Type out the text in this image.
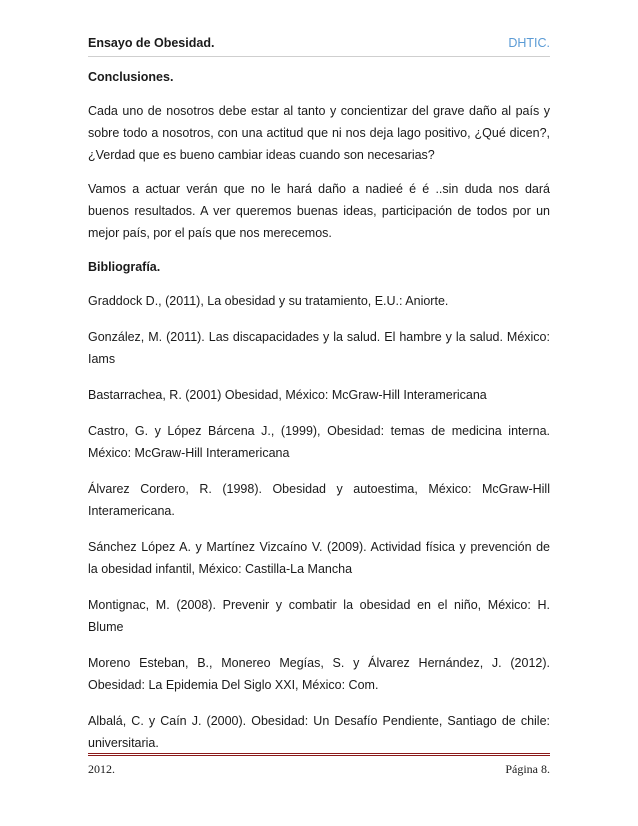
Ensayo de Obesidad.	DHTIC.
Conclusiones.

Cada uno de nosotros debe estar al tanto y concientizar del grave daño al país y sobre todo a nosotros, con una actitud que ni nos deja lago positivo, ¿Qué dicen?, ¿Verdad que es bueno cambiar ideas cuando son necesarias?

Vamos a actuar verán que no le hará daño a nadieé é é ..sin duda nos dará buenos resultados. A ver queremos buenas ideas, participación de todos por un mejor país, por el país que nos merecemos.

Bibliografía.

Graddock D., (2011), La obesidad y su tratamiento, E.U.: Aniorte.

González, M. (2011). Las discapacidades y la salud. El hambre y la salud. México: Iams

Bastarrachea, R. (2001) Obesidad, México: McGraw-Hill Interamericana

Castro, G. y López Bárcena J., (1999), Obesidad: temas de medicina interna. México: McGraw-Hill Interamericana

Álvarez Cordero, R. (1998). Obesidad y autoestima, México: McGraw-Hill Interamericana.

Sánchez López A. y Martínez Vizcaíno V. (2009). Actividad física y prevención de la obesidad infantil, México: Castilla-La Mancha

Montignac, M. (2008). Prevenir y combatir la obesidad en el niño, México: H. Blume

Moreno Esteban, B., Monereo Megías, S. y Álvarez Hernández, J. (2012). Obesidad: La Epidemia Del Siglo XXI, México: Com.

Albalá, C. y Caín J. (2000). Obesidad: Un Desafío Pendiente, Santiago de chile: universitaria.

2012.	Página 8.
